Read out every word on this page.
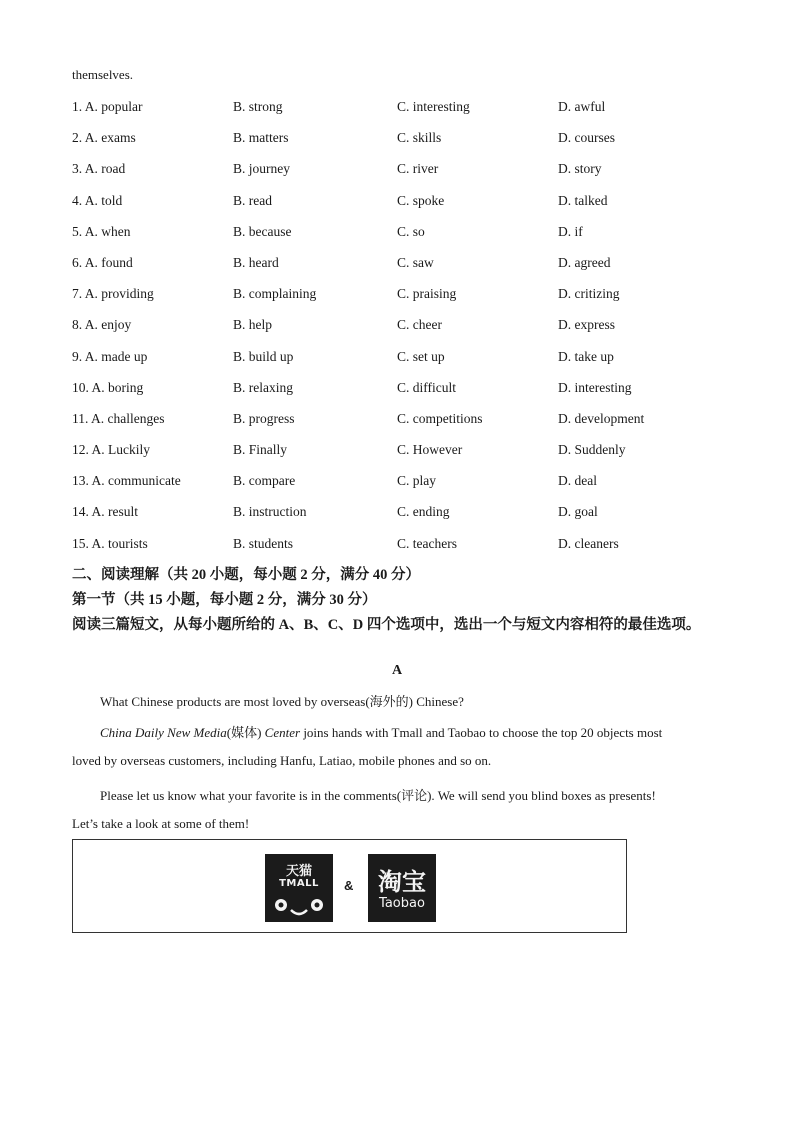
themselves.
1. A. popular	B. strong	C. interesting	D. awful
2. A. exams	B. matters	C. skills	D. courses
3. A. road	B. journey	C. river	D. story
4. A. told	B. read	C. spoke	D. talked
5. A. when	B. because	C. so	D. if
6. A. found	B. heard	C. saw	D. agreed
7. A. providing	B. complaining	C. praising	D. critizing
8. A. enjoy	B. help	C. cheer	D. express
9. A. made up	B. build up	C. set up	D. take up
10. A. boring	B. relaxing	C. difficult	D. interesting
11. A. challenges	B. progress	C. competitions	D. development
12. A. Luckily	B. Finally	C. However	D. Suddenly
13. A. communicate	B. compare	C. play	D. deal
14. A. result	B. instruction	C. ending	D. goal
15. A. tourists	B. students	C. teachers	D. cleaners
二、阅读理解（共 20 小题，每小题 2 分，满分 40 分）
第一节（共 15 小题，每小题 2 分，满分 30 分）
阅读三篇短文，从每小题所给的 A、B、C、D 四个选项中，选出一个与短文内容相符的最佳选项。
A
What Chinese products are most loved by overseas(海外的) Chinese?
China Daily New Media(媒体) Center joins hands with Tmall and Taobao to choose the top 20 objects most
loved by overseas customers, including Hanfu, Latiao, mobile phones and so on.
Please let us know what your favorite is in the comments(评论). We will send you blind boxes as presents!
Let’s take a look at some of them!
天猫
TMALL	&	淘宝
Taobao
